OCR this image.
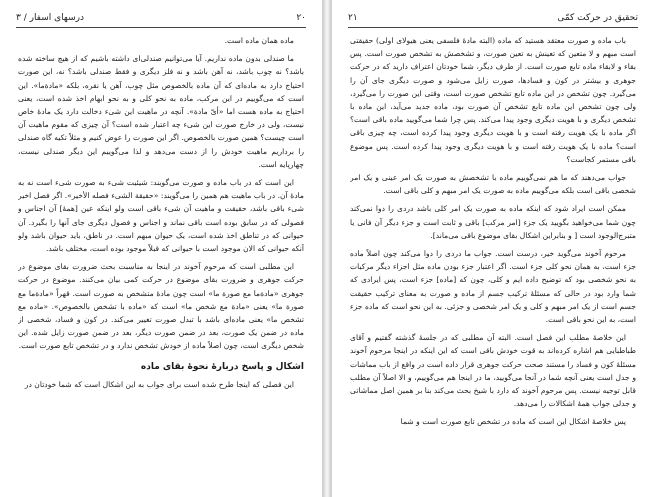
درسهای اسفار / ۳	۲۰

ماده همان ماده است.

ما صندلی بدون ماده نداریم. آیا می‌توانیم صندلی‌ای داشته باشیم که از هیچ ساخته شده باشد؟ نه چوب باشد، نه آهن باشد و نه فلز دیگری و فقط صندلی باشد؟ نه، این صورت احتیاج دارد به ماده‌ای که آن ماده بالخصوص مثل چوب، آهن یا نقره، بلکه «مادة‌ما». این است که می‌گوییم در این مرکب، ماده به نحو کلی و به نحو ابهام اخذ شده است، یعنی احتیاج به ماده هست اما «أیّ مادة». آنچه در ماهیت این شیء دخالت دارد یک مادهٔ خاص نیست، ولی در خارج صورت این شیء چه اعتبار شده است؟ آن چیزی که مقوم ماهیت آن است چیست؟ همین صورت بالخصوص. اگر این صورت را عوض کنیم و مثلاً تکیه گاه صندلی را برداریم ماهیت خودش را از دست می‌دهد و لذا می‌گوییم این دیگر صندلی نیست، چهارپایه است.

این است که در باب ماده و صورت می‌گویند: شیئیت شیء به صورت شیء است نه به مادهٔ آن. در باب ماهیت هم همین را می‌گویند: «حقیقة الشیء فصله الأخیر». اگر فصل اخیر شیء باقی باشد، حقیقت و ماهیت آن شیء باقی است ولو اینکه عین [همهٔ] آن اجناس و فصولی که در سابق بوده است باقی نماند و اجناس و فصول دیگری جای آنها را بگیرد. آن حیوانی که در تناطق اخذ شده است، یک حیوان مبهم است. در ناطق، باید حیوان باشد ولو آنکه حیوانی که الان موجود است با حیوانی که قبلاً موجود بوده است، مختلف باشد.

این مطلبی است که مرحوم آخوند در اینجا به مناسبت بحث ضرورت بقای موضوع در حرکت جوهری و ضرورت بقای موضوع در حرکت کمی بیان می‌کنند. موضوع در حرکت جوهری «مادة‌ما مع صورة‌ ما» است چون مادهٔ متشخص به صورت است. قهراً «مادة‌ما مع صورة‌ ما» یعنی «مادة‌ مع شخص‌ ما» است که «ماده با تشخص بالخصوص». «ماده مع تشخص‌ ما» یعنی ماده‌ای باشد با تبدل صورت تغییر می‌کند. در کون و فساد، شخصی از ماده در ضمن یک صورت، بعد در ضمن صورت دیگر، بعد در ضمن صورت زایل شده. این شخص دیگری است، چون اصلاً ماده از خودش تشخص ندارد و در تشخص تابع صورت است.

اشکال و پاسخ دربارهٔ نحوهٔ بقای ماده

این فصلی که اینجا طرح شده است برای جواب به این اشکال است که شما خودتان در

تحقیق در حرکت کمّی
۲۱

باب ماده و صورت معتقد هستید که ماده (البته مادهٔ فلسفی یعنی هیولای اولی) حقیقتی است مبهم و لا متعین که تعینش به تعین صورت، و تشخصش به تشخص صورت است. پس بقاء و لابقاء ماده تابع صورت است. از طرف دیگر، شما خودتان اعتراف دارید که در حرکت جوهری و بیشتر در کون و فسادها، صورت زایل می‌شود و صورت دیگری جای آن را می‌گیرد. چون تشخص در این ماده تابع تشخص صورت است، وقتی این صورت را می‌گیرد، ولی چون تشخص این ماده تابع تشخص آن صورت بود، ماده جدید می‌آید، این ماده با تشخص دیگری و با هویت دیگری وجود پیدا می‌کند. پس چرا شما می‌گویید ماده باقی است؟ اگر ماده با یک هویت رفته است و با هویت دیگری وجود پیدا کرده است، چه چیزی باقی است؟ ماده با یک هویت رفته است و با هویت دیگری وجود پیدا کرده است. پس موضوع باقی مستمر کجاست؟

جواب می‌دهند که ما هم نمی‌گوییم ماده با تشخصش به صورت یک امر عینی و یک امر شخصی باقی است بلکه می‌گوییم ماده به صورت یک امر مبهم و کلی باقی است.

ممکن است ایراد شود که اینکه ماده به صورت یک امر کلی باشد دردی را دوا نمی‌کند چون شما می‌خواهید بگویید یک جزء [امر مرکب] باقی و ثابت است و جزء دیگر آن فانی یا متبرج‌الوجود است [ و بنابراین اشکال بقای موضوع باقی می‌ماند].

مرحوم آخوند می‌گوید خیر، درست است. جواب ما دردی را دوا می‌کند چون اصلاً ماده جزء است، به همان نحو کلی جزء است. اگر اعتبار جزء بودن ماده مثل اجزاء دیگر مرکبات به نحو شخصی بود که توضیح داده ایم و کلی، چون که [ماده] جزء است، پس ایرادی که شما وارد بود در حالی که مسئلهٔ ترکیب جسم از ماده و صورت به معنای ترکیب حقیقت جسم است از یک امر مبهم و کلی و یک امر شخصی و جزئی. به این نحو است که ماده جزء است، به این نحو باقی است.

این خلاصهٔ مطلب این فصل است. البته آن مطلبی که در جلسهٔ گذشته گفتیم و آقای طباطبایی هم اشاره کرده‌اند به قوت خودش باقی است که این اینکه در اینجا مرحوم آخوند مسئلهٔ کون و فساد را مستند صحت حرکت جوهری قرار داده است در واقع از باب مماشات و جدل است یعنی آنچه شما در آنجا می‌گویید، ما در اینجا هم می‌گوییم، و الا اصلاً آن مطلب قابل توجیه نیست. پس مرحوم آخوند که دارد با شیخ بحث می‌کند بنا بر همین اصل مماشاتی و جدلی جواب همهٔ اشکالات را می‌دهد.

پس خلاصهٔ اشکال این است که ماده در تشخص تابع صورت است و شما
